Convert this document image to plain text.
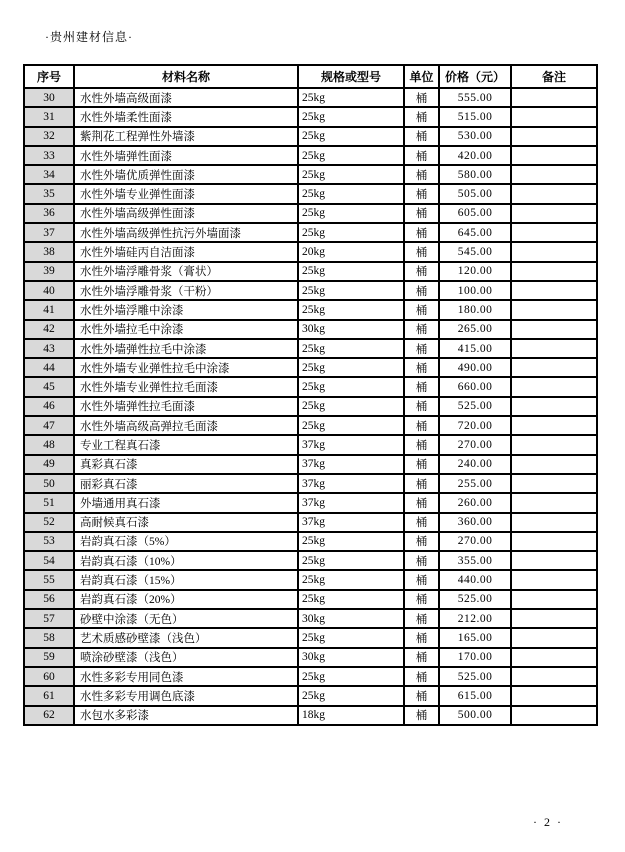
·贵州建材信息·
序号	材料名称	规格或型号	单位	价格（元）	备注
30	水性外墙高级面漆	25kg	桶	555.00	
31	水性外墙柔性面漆	25kg	桶	515.00	
32	紫荆花工程弹性外墙漆	25kg	桶	530.00	
33	水性外墙弹性面漆	25kg	桶	420.00	
34	水性外墙优质弹性面漆	25kg	桶	580.00	
35	水性外墙专业弹性面漆	25kg	桶	505.00	
36	水性外墙高级弹性面漆	25kg	桶	605.00	
37	水性外墙高级弹性抗污外墙面漆	25kg	桶	645.00	
38	水性外墙硅丙自洁面漆	20kg	桶	545.00	
39	水性外墙浮雕骨浆（膏状）	25kg	桶	120.00	
40	水性外墙浮雕骨浆（干粉）	25kg	桶	100.00	
41	水性外墙浮雕中涂漆	25kg	桶	180.00	
42	水性外墙拉毛中涂漆	30kg	桶	265.00	
43	水性外墙弹性拉毛中涂漆	25kg	桶	415.00	
44	水性外墙专业弹性拉毛中涂漆	25kg	桶	490.00	
45	水性外墙专业弹性拉毛面漆	25kg	桶	660.00	
46	水性外墙弹性拉毛面漆	25kg	桶	525.00	
47	水性外墙高级高弹拉毛面漆	25kg	桶	720.00	
48	专业工程真石漆	37kg	桶	270.00	
49	真彩真石漆	37kg	桶	240.00	
50	丽彩真石漆	37kg	桶	255.00	
51	外墙通用真石漆	37kg	桶	260.00	
52	高耐候真石漆	37kg	桶	360.00	
53	岩韵真石漆（5%）	25kg	桶	270.00	
54	岩韵真石漆（10%）	25kg	桶	355.00	
55	岩韵真石漆（15%）	25kg	桶	440.00	
56	岩韵真石漆（20%）	25kg	桶	525.00	
57	砂壁中涂漆（无色）	30kg	桶	212.00	
58	艺术质感砂壁漆（浅色）	25kg	桶	165.00	
59	喷涂砂壁漆（浅色）	30kg	桶	170.00	
60	水性多彩专用同色漆	25kg	桶	525.00	
61	水性多彩专用调色底漆	25kg	桶	615.00	
62	水包水多彩漆	18kg	桶	500.00	
· 2 ·
